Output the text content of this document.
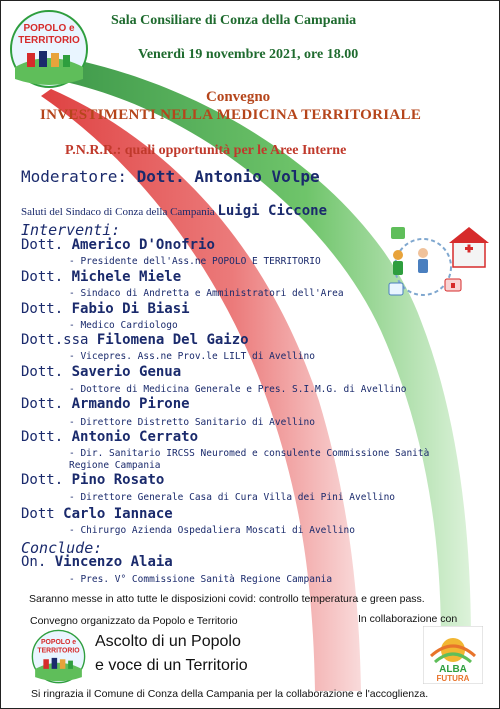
POPOLO e
TERRITORIO
Sala Consiliare di Conza della Campania
Venerdì 19 novembre 2021, ore 18.00
Convegno
INVESTIMENTI NELLA MEDICINA TERRITORIALE
P.N.R.R.: quali opportunità per le Aree Interne
Moderatore: Dott. Antonio Volpe
Saluti del Sindaco di Conza della Campania Luigi Ciccone
Interventi:
Dott. Americo D'Onofrio
- Presidente dell'Ass.ne POPOLO E TERRITORIO
Dott. Michele Miele
- Sindaco di Andretta e Amministratori dell'Area
Dott. Fabio Di Biasi
- Medico Cardiologo
Dott.ssa Filomena Del Gaizo
- Vicepres. Ass.ne Prov.le LILT di Avellino
Dott. Saverio Genua
- Dottore di Medicina Generale e Pres. S.I.M.G. di Avellino
Dott. Armando Pirone
- Direttore Distretto Sanitario di Avellino
Dott. Antonio Cerrato
- Dir. Sanitario IRCSS Neuromed e consulente Commissione Sanità Regione Campania
Dott. Pino Rosato
- Direttore Generale Casa di Cura Villa dei Pini Avellino
Dott Carlo Iannace
- Chirurgo Azienda Ospedaliera Moscati di Avellino
Conclude:
On. Vincenzo Alaia
- Pres. V° Commissione Sanità Regione Campania
Saranno messe in atto tutte le disposizioni covid: controllo temperatura e green pass.
Convegno organizzato da Popolo e Territorio	In collaborazione con
Ascolto di un Popolo
e voce di un Territorio
Si ringrazia il Comune di Conza della Campania per la collaborazione e l'accoglienza.
POPOLO e
TERRITORIO
ALBA
FUTURA
